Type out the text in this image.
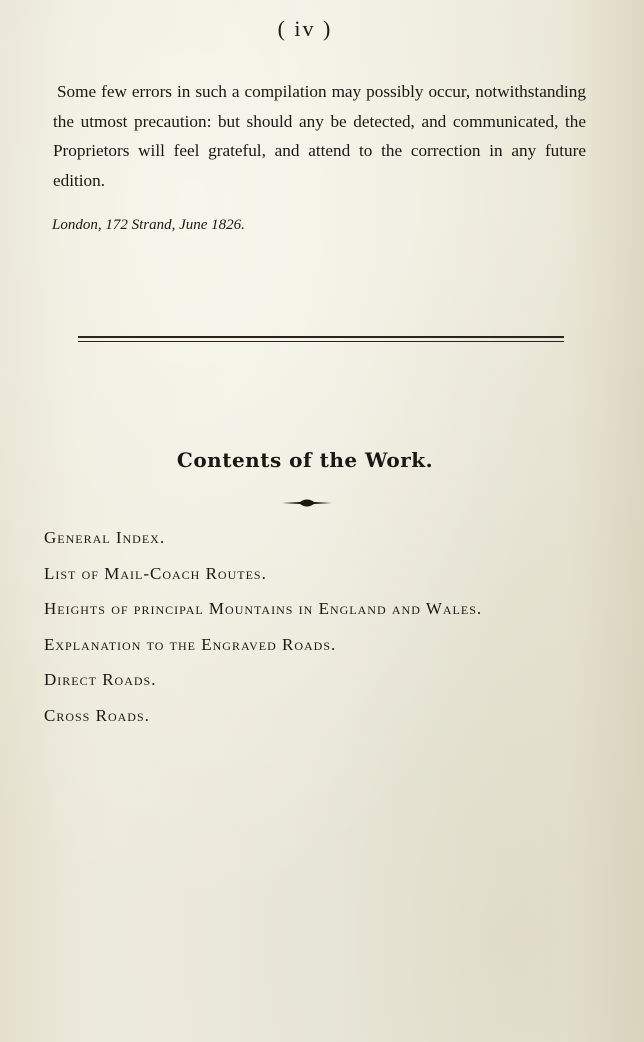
( iv )

Some few errors in such a compilation may possibly occur, notwithstanding the utmost precaution: but should any be detected, and communicated, the Proprietors will feel grateful, and attend to the correction in any future edition.

London, 172 Strand, June 1826.
Contents of the Work.
General Index.
List of Mail-Coach Routes.
Heights of principal Mountains in England and Wales.
Explanation to the Engraved Roads.
Direct Roads.
Cross Roads.
